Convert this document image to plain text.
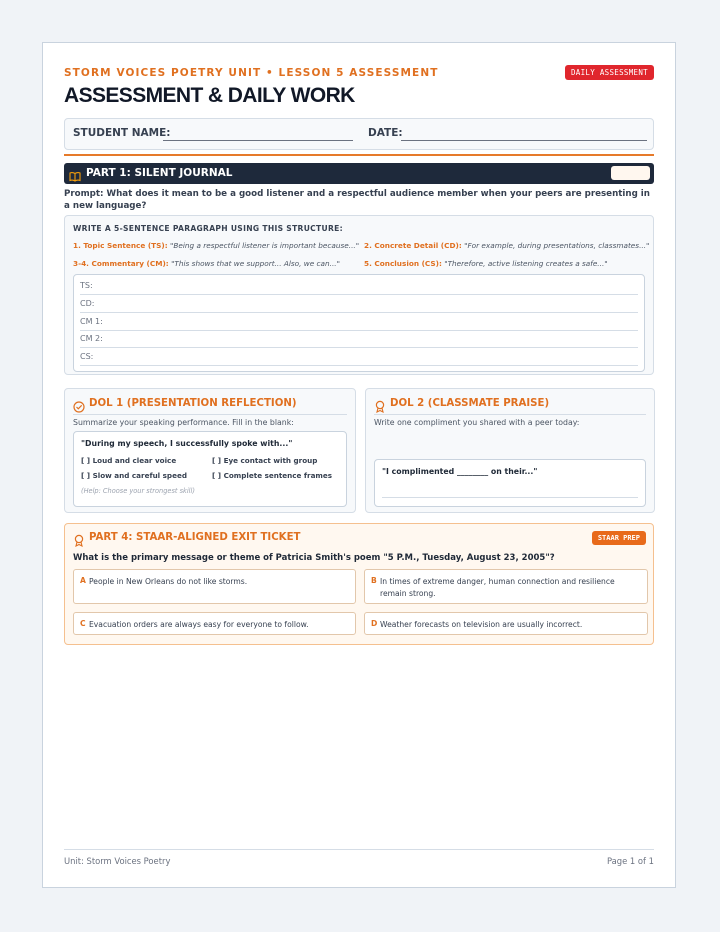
STORM VOICES POETRY UNIT • LESSON 5 ASSESSMENT	DAILY ASSESSMENT
ASSESSMENT & DAILY WORK
STUDENT NAME:	DATE:
PART 1: SILENT JOURNAL
Prompt: What does it mean to be a good listener and a respectful audience member when your peers are presenting in a new language?
WRITE A 5-SENTENCE PARAGRAPH USING THIS STRUCTURE:
1. Topic Sentence (TS): "Being a respectful listener is important because..." 2. Concrete Detail (CD): "For example, during presentations, classmates..."
3-4. Commentary (CM): "This shows that we support... Also, we can..."	5. Conclusion (CS): "Therefore, active listening creates a safe..."
TS:
CD:
CM 1:
CM 2:
CS:
DOL 1 (PRESENTATION REFLECTION)
Summarize your speaking performance. Fill in the blank:
"During my speech, I successfully spoke with..."
[ ] Loud and clear voice	[ ] Eye contact with group
[ ] Slow and careful speed	[ ] Complete sentence frames
(Help: Choose your strongest skill)
DOL 2 (CLASSMATE PRAISE)
Write one compliment you shared with a peer today:
"I complimented ________ on their..."
PART 4: STAAR-ALIGNED EXIT TICKET	STAAR PREP
What is the primary message or theme of Patricia Smith's poem "5 P.M., Tuesday, August 23, 2005"?
A People in New Orleans do not like storms.	B In times of extreme danger, human connection and resilience remain strong.
C Evacuation orders are always easy for everyone to follow.	D Weather forecasts on television are usually incorrect.
Unit: Storm Voices Poetry	Page 1 of 1
